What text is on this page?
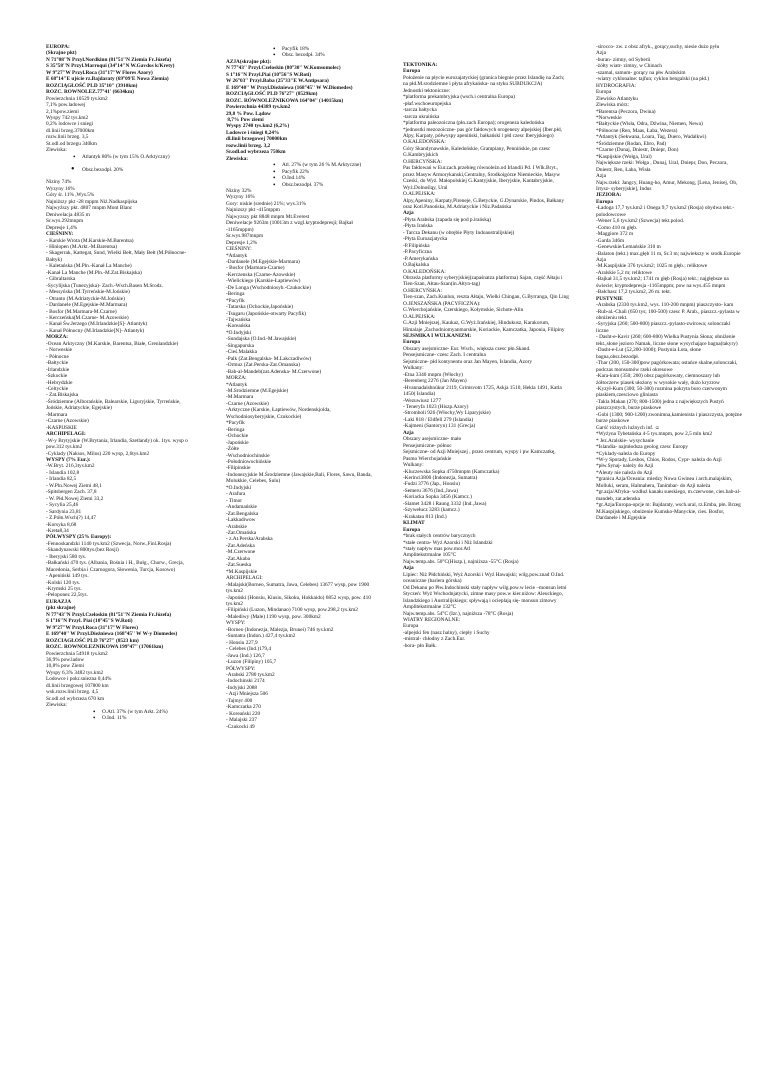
EUROPA:
(Skrajne pkt)
N 71°08''N Przyl.Nordkinn (81°51''N Ziemia Fr.Józefa)
S 35°58''N Przyl.Marroqui (34°14''N W.Gavdos k/Krety)
W 9°27''W Przyl.Roca (31°17''W Flores Azory)
E 68°14''E ujście rz.Bajdaraty (69°09'E Nowa Ziemia)
ROZCIĄGŁOŚĆ PLD 35°10'' (3910km)
ROZC. ROWNOLEZ.77°41' (6634km)
Powierzchnia 10529 tys.km2
7,1% pow.ladowej
2,1%pow.ziemi
Wyspy 742 tys.km2
0,2% lodowce i sniegi
dl.linii brzeg.37000km
rozw.linii brzeg. 3,5
St.odl.od brzegu 340km
Zlewiska:
• Atlantyk 80% (w tym 15% O.Arktyczny)
• Obsz.bezodpl. 20%
Niziny 74%
Wyzyny 16%
Góry śr. 11% ,Wys.5%
Najniższy pkt -28 mppm Niż.Nadkaspijska
Najwyższy pkt. 4807 mnpm Mont Blanc
Deniwelacja 4835 m
Sr.wys.292mnpm
Depresje 1,4%
CIEŚNINY:
- Karskie Wrota (M.Karskie-M.Barentsa)
- Hinlopen (M.Arkt.-M.Barentsa)
- Skagerrak, Kattegat, Sund, Wielki Bełt, Mały Bełt (M.Północne-Bałtyk)
- Kaletańska (M.Pln.-Kanał La Manche)
-Kanał La Manche (M.Pln.-M.Zat.Biskajska)
- Gibraltarska
-Sycylijska (Tunezyjska)- Zach.-Wsch.Basen M.Srodz.
- Messyńska (M.Tyrreńskie-M.Jońskie)
- Otranto (M.Adriatyckie-M.Jońskie)
- Dardanele (M.Egejskie-M.Marmara)
- Bosfor (M.Marmara-M.Czarne)
- Kerczeńska(M.Czarne- M.Azowskie)
- Kanał Św.Jerzego (M.Irlandzkie[S]- Atlantyk)
- Kanał Północny (M.Irlandzkie[N]- Atlantyk)
MORZA:
-Ocean Arktyczny (M.Karskie, Barentsa, Białe, Grenlandzkie)
- Norweskie
- Północne
-Bałtyckie
-Irlandzkie
-Szkockie
-Hebrydzkie
-Celtyckie
- Zat.Biskajska
-Śródziemne (Alborańskie, Balearskie, Liguryjskie, Tyrreńskie, Jońskie, Adriatyckie, Egejskie)
-Marmara
-Czarne (Azowskie)
-KASPIJSKIE
ARCHIPELAGI:
-W-y Brytyjskie (W.Brytania, Irlandia, Szetlandy) ok. 1tys. wysp o pow.312 tys.km2
-Cyklady (Naksos, Milos) 220 wysp, 2,6tys.km2
WYSPY (7% Eur.):
-W.Bryt. 216,3tys.km2
- Islandia 102,8
- Irlandia 82,5
- W.Pln.Nowej Ziemi 48,1
-Spitsbergen Zach. 37,8
- W. Płd.Nowej Ziemi 33,2
- Sycylia 25,46
- Sardynia 23,81
- Z.Półn.Wsch(?) 14,47
-Korsyka 8,68
-Kreta8,34
PÓŁWYSPY (25% Europy):
-Fennoskandzki 1140 tys.km2 (Szwecja, Norw.,Finl.Rosja)
-Skandynawski 800tys.(bez Rosji)
- Iberyjski 580 tys.
-Bałkański 470 tys. (Albania, Bośnia i H., Bułg., Chorw., Grecja, Macedonia, Serbia i Czarnogora, Słowenia, Turcja, Kosowo)
- Apeniński 149 tys.
-Kolski 120 tys.
-Krymski 25 tys.
-Peloponez 22,5tys.
EURAZJA
(pkt skrajne)
N 77°43''N Przyl.Czeloskin (81°51''N Ziemia Fr.Józefa)
S 1°16''N Przyl. Piai (10°45''S W.Roti)
W 9°27''W Przyl.Roca (31°17''W Flores)
E 169°40'' W Przyl.Dieżniewa (168°45'' W W-y Diomedes)
ROZCIAGŁOŚĆ PLD 76°27'' (8523 km)
ROZC. ROWNOLEZNIKOWA 199°47'' (17061km)
Powierzchnia 54918 tys.km2
36,9% pow.ladow
10,8% pow Ziemi
Wyspy 6,3% 3482 tys.km2
Lodowce i pokr.sniezna 0,44%
dl.linii brzegowej 107800 km
wsk.rozw.linii brzeg. 4,5
Sr.odl.od wybrzeza 670 km
Zlewiska:
• O.Atl. 37% (w tym Arkt. 24%)
• O.Ind. 11%
• Pacyfik 18%
• Obsz. bezodpł. 34%
AZJA(skrajne pkt):
N 77°43'' Przyl.Czeloskin (80°30'' W.Komsomolec)
S 1°16''N Przyl.Piai (10°56''S W.Roti)
W 26°03'' Przyl.Baba (25°33''E W.Antipsara)
E 169°40'' W Przyl.Dieżniewa (168°45'' W W.Diomedes)
ROZCIĄGŁOŚĆ PLD 76°27'' (8529km)
ROZC. RÓWNOLEŻNIKOWA 164°04'' (14015km)
Powierzchnia 44389 tys.km2
29,8 % Pow. Lądow
8,7% Pow ziemi
Wyspy 2740 tys.km2 (6,2%)
Lodowce i śniegi 0,24%
dl.linii brzegowej 70000km
rozw.linii brzeg. 3,2
Sr.odl.od wybrzeza 750km
Zlewiska:
• Atl. 27% (w tym 26 % M.Arktyczne)
• Pacyfik 22%
• O.Ind.14%
• Obsz.bezodpł. 37%
Niziny 32%
Wyzyny 16%
Gory: niskie (srednie) 21%; wys.31%
Najnizszy pkt -415mppm
Najwyzszy pkt 8848 mnpm Mt.Everest
Deniwelacje 9263m (10013m z wzgl.kryptodepresji; Bajkał -1165mppm)
Sr.wys.987mnpm
Depresje 1,2%
CIEŚNINY:
*Atlantyk
-Dardanele (M.Egejskie-Marmara)
- Bosfor (Marmara-Czarne)
-Kerczenska (Czarne-Azowskie)
-Wielickiego (Karskie-Łaptiewów)
-De Longa (Wschodniosyb.-Czukockie)
-Beringa
*Pacyfik
-Tatarska (Ochockie,Japońskie)
-Tsugaru (Japońskie-otwarty Pacyfik)
-Tajwańska
-Koreańska
*O.Indyjski
-Sundajska (O.Ind.-M.Jawajskie)
-Singapurska
-Cieś.Malakka
-Palk (Zat.Bengalska- M.Lakczadiwów)
-Ormuz (Zat.Perska-Zat.Omanska)
-Bab-al-Mandeb(zat.Adenska- M.Czerwone)
MORZA:
*Atlantyk
-M.Srodziemne (M.Egejskie)
-M.Marmara
-Czarne (Azowskie)
-Arktyczne (Karskie, Łaptiewów, Nordenskjolda, Wschodniosyberyjskie, Czukockie)
*Pacyfik
-Beringa
-Ochockie
-Japońskie
-Żółte
-Wschodniochinskie
-Południowochińskie
-Filipinskie
-Indonezyjskie M.Środziemne (Jawajskie,Bali, Flores, Sawu, Banda, Molukkie, Celebes, Sulu)
*O.Indyjski
- Arafura
- Timor
-Andamańskie
-Zat.Bengalska
-Lakkadiwow
-Arabskie
-Zat.Omańska
- z.At.Perska/Arabska
-Zat.Adeńska
-M.Czerwone
-Zat.Akaba
-Zat.Sueska
*M.Kaspijskie
ARCHIPELAGI:
-Malajski(Borneo, Sumatra, Jawa, Celebes) 13677 wysp, pow 1900 tys.km2
-Japoński (Honsiu, Kiusiu, Sikoku, Hokkaido) 6852 wysp, pow. 410 tys.km2
-Filipiński (Luzon, Mindanao) 7100 wysp, pow.298,2 tys.km2
-Malediwy (Male) 1190 wysp, pow. 300km2
WYSPY:
-Borneo (Indonezja, Malezja, Brunei) 746 tys.km2
-Sumatra (Indon.) 427,4 tys.km2
- Honsiu 227,9
- Celebes (Ind.)179,4
-Jawa (Ind.) 126,7
-Luzon (Filipiny) 105,7
PÓŁWYSPY:
-Arabski 2780 tys.km2
-Indochinski 2174
-Indyjski 2088
- Azji Mniejsza 506
-Tajmyr 400
-Kamczatka 270
- Koreański 220
- Malajski 237
-Czukocki 49
TEKTONIKA:
Europa
Położenie na płycie eurozajatyckiej (granica biegnie przez Islandię na Zach; na płd.M.srodziemne i płyta afrykańska- na styku SUBDUKCJA)
Jednostki tektoniczne:
*platforma prekambryjska (wsch.i centralna Europa)
-płaf.wschoeuropejska
-tarcza bałtycka
-tarcza ukraińska
*platforma paleozoiczna (płn.zach Europa); orogeneza kaledońska
*jednostki mezozoiczne- pas gór fałdowych orogenezy alpejskiej (Iber.płd, Alpy, Karpaty, półwyspy apeniński, bałkański i płd czesc Iberyjskiego)
O.KALEDOŃSKA:
Góry Skandynawskie, Kaledońskie, Grampiany, Pennińskie, pn czesc G.Kambryjskich
O.HERCYŃSKA:
Pas fałdowań w Eur.zach.przebieg równoleżn.od Irlandii Pd. I Wlk.Bryt., przez Masyw Armorykanski,Centralny, Srodkoigórze Niemieckie, Masyw Czeski, do Wyż. Małopolskiej G.Kantyjskie, Iberyjskie, Kantabryjskie, Wyż.Dolnośląy, Ural
O.ALPEJSKA:
Alpy,Apeniny, Karpaty,Pireneje, G.Betyckie, G.Dynarskie, Pindos, Bałkany oraz Kotl.Panońska, M.Adriatyckie i Niz.Padańska
Azja
-Płyta Arabska (zapada się pod p.irańską)
-Płyta Irańska
- Tarcza Dekanu (w obrębie Płyty Indoaustralijskiej)
-Płyta Euroazjatycka
-P.Filipińska
-P.Pacyficzna
-P.Amerykańska
O.Bajkalska
O.KALEDOŃSKA:
Obrzeża platformy syberyjskiej(zapaśnatza platforma) Sajan, część Ałtaju i Tien-Szan, Ałtau-Szan(in.Ałtyn-tag)
O.HERCYŃSKA:
Tien-szan, Zach.Kunlun, reszta Ałtaju, Wielki Chingan, G.Byrranga, Qin Ling
O.JENSZAŃSKA (PACYFICZNA):
G.Wierchojańskie, Czerskiego, Kołymskie, Sichote-Alin
O.ALPEJSKA:
G.Azji Mniejszej, Kaukaz, G.Wyż.Irańskiej, Hindukusz, Karakorum, Himalaje ,Zachodniomyanmarskie, Koriackie, Kamczatka, Japonia, Filipiny
SEJSMIKA I WULKANIZM:
Europa
Obszary asejsmiczne- Eur. Wsch., większa czesc płn.Skand.
Pensejsmiczne- czesc Zach. I centralna
Sejsmiczne- płd kontynentu oraz Jan Mayen, Islandia, Azory
Wulkany:
-Etna 3340 mnpm (Włochy)
-Berenberg 2276 (Jan Mayen)
-Hvannadalshnúkur 2119, Grimsvotn 1725, Askja 1510, Hekla 1491, Katla 1450( Islandia)
-Wezuwiusz 1277
- Teneryfa 1023 (Hiszp.Azory)
-Stromboli 926 (Włochy,Wy Liparyjskie)
-Laki 818 / Eldfell 279 (Islandia)
-Kajmeni (Santoryn) 131 (Grecja)
Azja
Obszary asejsmiczne- mało
Pensejsmiczne- północ
Sejsmiczne- od Azji Mniejszej , przez centrum, wyspy i pw Kamczatkę, Pasmo Wierchojańskie
Wulkany:
-Kluczewska Sopka 4750mnpm (Kamczatka)
-Kerinci3800 (Indonezja, Sumatra)
-Fudzi 3776 (Jap., Honsiu)
-Semeru 3676 (Ind.,Jawa)
-Koriacka Sopka 3456 (Kamcz.)
-Slamet 3428 i Raung 3332 (Ind.,Jawa)
-Szywełucz 3283 (kamcz.)
-Krakatau 813 (Ind.)
KLIMAT
Europa
*brak stałych centrów barycznych
*stałe centra- Wyż Azorski i Niż Islandzki
*stały napływ mas pow.mor.Atl
Amplitekstrmalne 105°C
Najw.temp.abs. 50°C(Hiszp.), najniższa -55°C (Rosja)
Azja
Lipiec: Niż Płdchiński, Wyż Azorski i Wyż Hawajski; wilg.pow.znad O.Ind. oceaniczne (bariera górska)
Od Dekanu po Płw.Indochinski stały napływ wilg.pow.w lecie –monsun letni
Styczeń: Wyż Wschodnjatycki, zimne masy pow.w kier.niżow: Aleuckiego, Islandzkiego i Australijskiego; spływają i ocieplają się- monsun zimowy
Amplitekstrmalne 132°C
Najw.temp.abs. 54°C (Izr.), najniższa -78°C (Rosja)
WIATRY REGIONALNE:
Europa
-alpejski fen (nasz halny), ciepły i Suchy
-mistral- chłodny z Zach.Eur.
-bora- płn Bałk.
-sirocco- zw. z obsz afryk., gorący,suchy, niesie dużo pyłu
Azja
-buran- zimny, od Syberii
-żółty wiatr- zimny, w Chinach
-szamal, samum- gorący na płw Arabskim
-wiatry cyklonalne: tajfun; cyklon bengalski (na płd.)
HYDROGRAFIA:
Europa
Zlewisko Atlantyku
Zlewiska mórz:
*Barentsa (Peczora, Dwina)
*Norweskie
*Bałtyckie (Wisła, Odra, Dźwina, Niemen, Newa)
*Północne (Ren, Maas, Łaba, Wezera)
*Atlantyk (Sekwana, Loara, Tag, Duero, Wadalkwi)
*Śródziemne (Rodan, Ebro, Pad)
*Czarne (Dunaj, Dniestr, Dniepr, Don)
*Kaspijskie (Wołga, Ural)
Największe rzeki: Wołga , Dunaj, Ural, Dniepr, Don, Peczora, Dniestr, Ren, Łaba, Wisła
Azja
Najw.rzeki: Jangcy, Huang-ho, Amur, Mekong, [Lena, Jenisej, Ob, Irtysz- syberyjskie], Indus
JEZIORA:
Europa
-Ładoga 17,7 tys.km2 i Onega 9,7 tys.km2 (Rosja) obydwa tekt.-polodowcowe
-Wener 5,6 tys.km2 (Szwecja) tekt.polod.
-Como 410 m głęb.
-Maggiore 372 m
-Garda 346m
-Genewskie/Lemańskie 310 m
-Balaton (tekt.) max.głęb 11 m, Sr.3 m; najwiekszy w srodk.Europie
Azja
-M.Kaspijskie 376 tys.km2; 1025 m głęb.; reliktowe
-Aralskie 5,2 m; reliktowe
-Bajkał 31,5 tys.km2; 1741 m głęb (Rosja) tekt.; najgłębsze na świecie; kryptodepresja -1165mppm; pow na wys.455 mnpm
-Bałchasz 17,2 tys.km2, 26 m. tekt.
PUSTYNIE
-Arabska (2330 tys.km2, wys. 110-200 mnpm) piaszczysto- kam
-Rub-al.-Chali (650 tys; 100-500) czesc P. Arab., piaszcz.-pylasta w obniżeniu tekt.
-Syryjska (260; 500-800) piaszcz.-pylasto-zwirowa; solonczaki liczne
- Dasht-e-Kavir (260; 600-800) Wielka Pustynia Słona; obniżenie tekt.,słone jezioro Namak, liczne słone wysychające bagna(takyry)
-Dasht-e-Lut (52,200-1000); Pustynia Łota, słone bagna,obsz.bezodpł.
-Thar (200, 150-300)pow pagórkowata; ostańce skalne,solonczaki, podczas monsumów rzeki okresowe
-Kara-kum (350; 200) obsz pagórkowaty, ciemnoszary lub żółtoczerw piasek ułożony w wysokie wały, dużo kryzrow
-Kyzył-Kum (300; 50-300) rozmina pokryta buro czerwonym piaskiem,czesciowo gliniasta
-Takla Makan (270; 800-1500) jedna z największych Pustyń piaszczystych, burze piaskowe
-Gobi (1300; 900-1200) zwonimna,kamienista i piaszczysta, potężne burze piaskowe
Garść różnych luźnych inf. ☺
*Wyżyna Tybetańska 4-5 tys.mnpm, pow 2,5 mln km2
* Jez.Aralskie- wysychanie
*Islandia- najmłodsza geolog czesc Europy
*Cyklady-należa do Europy
*W-y Sporady, Lesbos, Chios, Rodos, Cypr- należa do Azji
*płw.Synaj- należy do Azji
*Aleuty nie należa do Azji
*granica Azja/Oceania: miedzy Nowa Gwinea i arch.malajskim, Molluki, seram, Halmahera, Tanimbar- do Azji należa
*gr.azja/Afryka- wzdłuż kanału sueskiego, m.czerwone, cies.bab-al-mandeb, zat.adenska
*gr.Azja/Europa-opcje m: Bajdaraty, wsch.ural, rz.Emba, płn. Brzeg M.Kaspijskiego, obniżenie Kumsko-Manyckie, cies. Bosfor, Dardanele i M.Egejskie
